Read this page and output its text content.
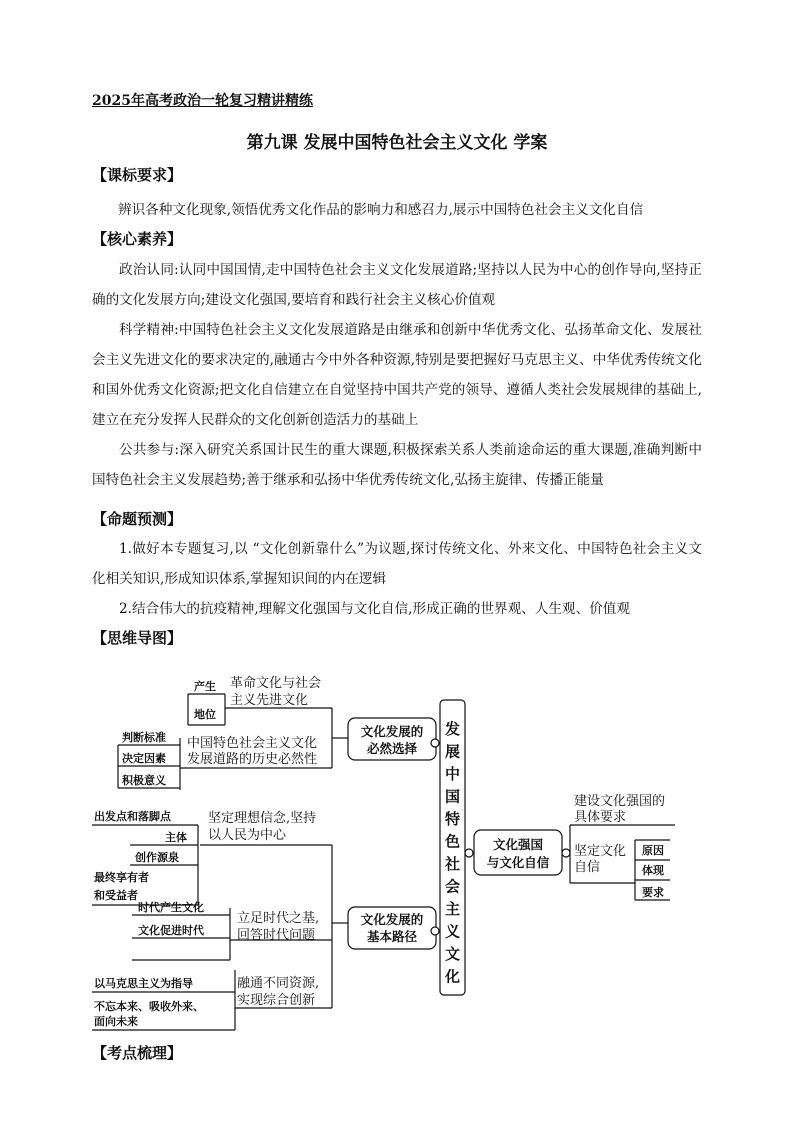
2025年高考政治一轮复习精讲精练
第九课 发展中国特色社会主义文化 学案
【课标要求】
辨识各种文化现象,领悟优秀文化作品的影响力和感召力,展示中国特色社会主义文化自信
【核心素养】
政治认同:认同中国国情,走中国特色社会主义文化发展道路;坚持以人民为中心的创作导向,坚持正确的文化发展方向;建设文化强国,要培育和践行社会主义核心价值观
科学精神:中国特色社会主义文化发展道路是由继承和创新中华优秀文化、弘扬革命文化、发展社会主义先进文化的要求决定的,融通古今中外各种资源,特别是要把握好马克思主义、中华优秀传统文化和国外优秀文化资源;把文化自信建立在自觉坚持中国共产党的领导、遵循人类社会发展规律的基础上,建立在充分发挥人民群众的文化创新创造活力的基础上
公共参与:深入研究关系国计民生的重大课题,积极探索关系人类前途命运的重大课题,准确判断中国特色社会主义发展趋势;善于继承和弘扬中华优秀传统文化,弘扬主旋律、传播正能量
【命题预测】
1.做好本专题复习,以 “文化创新靠什么”为议题,探讨传统文化、外来文化、中国特色社会主义文化相关知识,形成知识体系,掌握知识间的内在逻辑
2.结合伟大的抗疫精神,理解文化强国与文化自信,形成正确的世界观、人生观、价值观
【思维导图】
发
展
中
国
特
色
社
会
主
义
文
化
文化发展的
必然选择
文化发展的
基本路径
文化强国
与文化自信
革命文化与社会
主义先进文化
产生
地位
中国特色社会主义文化
发展道路的历史必然性
判断标准
决定因素
积极意义
坚定理想信念,坚持
以人民为中心
出发点和落脚点
主体
创作源泉
最终享有者
和受益者
立足时代之基,
回答时代问题
时代产生文化
文化促进时代
融通不同资源,
实现综合创新
以马克思主义为指导
不忘本来、吸收外来、
面向未来
建设文化强国的
具体要求
坚定文化
自信
原因
体现
要求
【考点梳理】
